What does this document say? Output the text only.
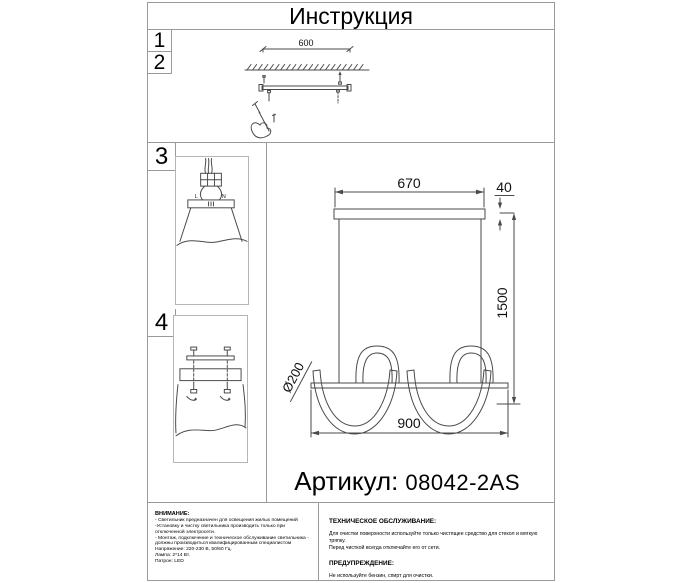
Инструкция
1
2
600
3
L	N
4
670	40
1500
Ø200
900
Артикул: 08042-2AS
ВНИМАНИЕ:
- Светильник предназначен для освещения жилых помещений
-Установку и чистку светильника производить только при отключенной электросети.
- Монтаж, подключение и техническое обслуживание светильника - должны производиться квалифицированным специалистом
Напряжение: 220-230 В, 50/60 Гц.
Лампа: 2*14 Вт.
Патрон: LED
ТЕХНИЧЕСКОЕ ОБСЛУЖИВАНИЕ:
Для очистки поверхности используйте только чистящее средство для стекол и мягкую тряпку.
Перед чисткой всегда отключайте его от сети.
ПРЕДУПРЕЖДЕНИЕ:
Не используйте бензин, спирт для очистки.
